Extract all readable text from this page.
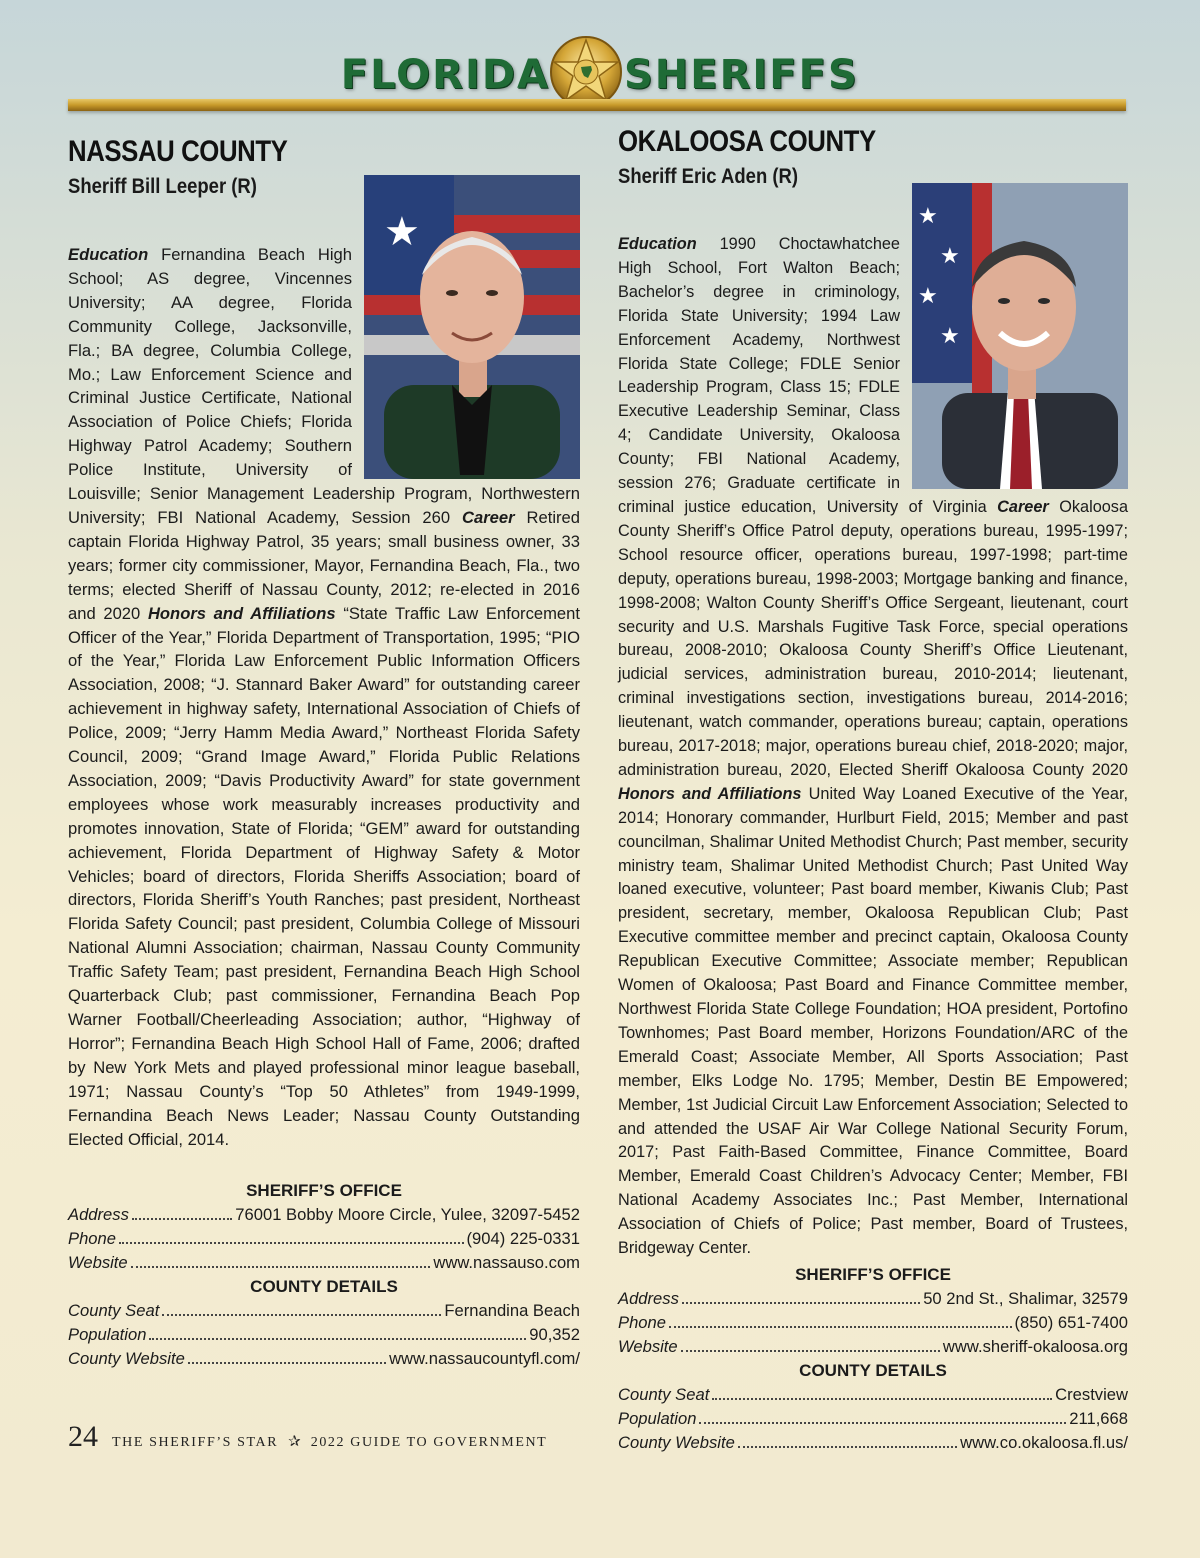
FLORIDA SHERIFFS
NASSAU COUNTY
Sheriff Bill Leeper (R)
★
Education Fernandina Beach High School; AS degree, Vincennes University; AA degree, Florida Community College, Jacksonville, Fla.; BA degree, Columbia College, Mo.; Law Enforcement Science and Criminal Justice Certificate, National Association of Police Chiefs; Florida Highway Patrol Academy; Southern Police Institute, University of Louisville; Senior Management Leadership Program, Northwestern University; FBI National Academy, Session 260 Career Retired captain Florida Highway Patrol, 35 years; small business owner, 33 years; former city commissioner, Mayor, Fernandina Beach, Fla., two terms; elected Sheriff of Nassau County, 2012; re-elected in 2016 and 2020 Honors and Affiliations “State Traffic Law Enforcement Officer of the Year,” Florida Department of Transportation, 1995; “PIO of the Year,” Florida Law Enforcement Public Information Officers Association, 2008; “J. Stannard Baker Award” for outstanding career achievement in highway safety, International Association of Chiefs of Police, 2009; “Jerry Hamm Media Award,” Northeast Florida Safety Council, 2009; “Grand Image Award,” Florida Public Relations Association, 2009; “Davis Productivity Award” for state government employees whose work measurably increases productivity and promotes innovation, State of Florida; “GEM” award for outstanding achievement, Florida Department of Highway Safety & Motor Vehicles; board of directors, Florida Sheriffs Association; board of directors, Florida Sheriff’s Youth Ranches; past president, Northeast Florida Safety Council; past president, Columbia College of Missouri National Alumni Association; chairman, Nassau County Community Traffic Safety Team; past president, Fernandina Beach High School Quarterback Club; past commissioner, Fernandina Beach Pop Warner Football/Cheerleading Association; author, “Highway of Horror”; Fernandina Beach High School Hall of Fame, 2006; drafted by New York Mets and played professional minor league baseball, 1971; Nassau County’s “Top 50 Athletes” from 1949-1999, Fernandina Beach News Leader; Nassau County Outstanding Elected Official, 2014.

SHERIFF’S OFFICE

Address	76001 Bobby Moore Circle, Yulee, 32097-5452
Phone	(904) 225-0331
Website	www.nassauso.com

COUNTY DETAILS

County Seat	Fernandina Beach
Population	90,352
County Website	www.nassaucountyfl.com/
OKALOOSA COUNTY
Sheriff Eric Aden (R)
★
★
★
★
Education 1990 Choctawhatchee High School, Fort Walton Beach; Bachelor’s degree in criminology, Florida State University; 1994 Law Enforcement Academy, Northwest Florida State College; FDLE Senior Leadership Program, Class 15; FDLE Executive Leadership Seminar, Class 4; Candidate University, Okaloosa County; FBI National Academy, session 276; Graduate certificate in criminal justice education, University of Virginia Career Okaloosa County Sheriff’s Office Patrol deputy, operations bureau, 1995-1997; School resource officer, operations bureau, 1997-1998; part-time deputy, operations bureau, 1998-2003; Mortgage banking and finance, 1998-2008; Walton County Sheriff’s Office Sergeant, lieutenant, court security and U.S. Marshals Fugitive Task Force, special operations bureau, 2008-2010; Okaloosa County Sheriff’s Office Lieutenant, judicial services, administration bureau, 2010-2014; lieutenant, criminal investigations section, investigations bureau, 2014-2016; lieutenant, watch commander, operations bureau; captain, operations bureau, 2017-2018; major, operations bureau chief, 2018-2020; major, administration bureau, 2020, Elected Sheriff Okaloosa County 2020 Honors and Affiliations United Way Loaned Executive of the Year, 2014; Honorary commander, Hurlburt Field, 2015; Member and past councilman, Shalimar United Methodist Church; Past member, security ministry team, Shalimar United Methodist Church; Past United Way loaned executive, volunteer; Past board member, Kiwanis Club; Past president, secretary, member, Okaloosa Republican Club; Past Executive committee member and precinct captain, Okaloosa County Republican Executive Committee; Associate member; Republican Women of Okaloosa; Past Board and Finance Committee member, Northwest Florida State College Foundation; HOA president, Portofino Townhomes; Past Board member, Horizons Foundation/ARC of the Emerald Coast; Associate Member, All Sports Association; Past member, Elks Lodge No. 1795; Member, Destin BE Empowered; Member, 1st Judicial Circuit Law Enforcement Association; Selected to and attended the USAF Air War College National Security Forum, 2017; Past Faith-Based Committee, Finance Committee, Board Member, Emerald Coast Children’s Advocacy Center; Member, FBI National Academy Associates Inc.; Past Member, International Association of Chiefs of Police; Past member, Board of Trustees, Bridgeway Center.

SHERIFF’S OFFICE

Address	50 2nd St., Shalimar, 32579
Phone	(850) 651-7400
Website	www.sheriff-okaloosa.org

COUNTY DETAILS

County Seat	Crestview
Population	211,668
County Website	www.co.okaloosa.fl.us/
24 THE SHERIFF’S STAR ✰ 2022 GUIDE TO GOVERNMENT
